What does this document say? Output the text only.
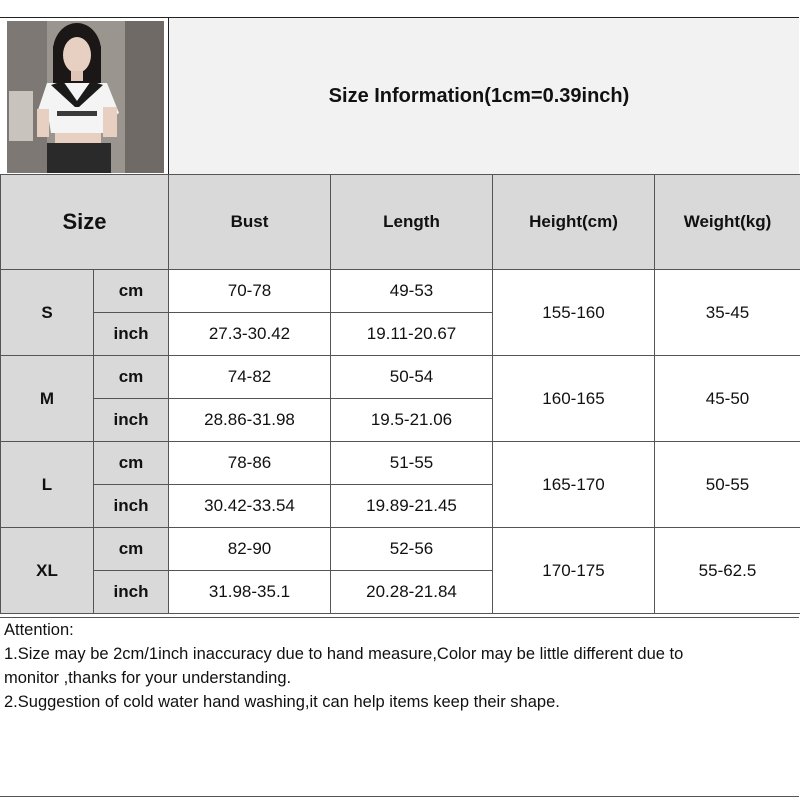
Size Information(1cm=0.39inch)
Size		Bust	Length	Height(cm)	Weight(kg)
S	cm	70-78	49-53	155-160	35-45
	inch	27.3-30.42	19.11-20.67		
M	cm	74-82	50-54	160-165	45-50
	inch	28.86-31.98	19.5-21.06		
L	cm	78-86	51-55	165-170	50-55
	inch	30.42-33.54	19.89-21.45		
XL	cm	82-90	52-56	170-175	55-62.5
	inch	31.98-35.1	20.28-21.84		
Attention:
1.Size may be 2cm/1inch inaccuracy due to hand measure,Color may be little different due to
monitor ,thanks for your understanding.
2.Suggestion of cold water hand washing,it can help items keep their shape.
